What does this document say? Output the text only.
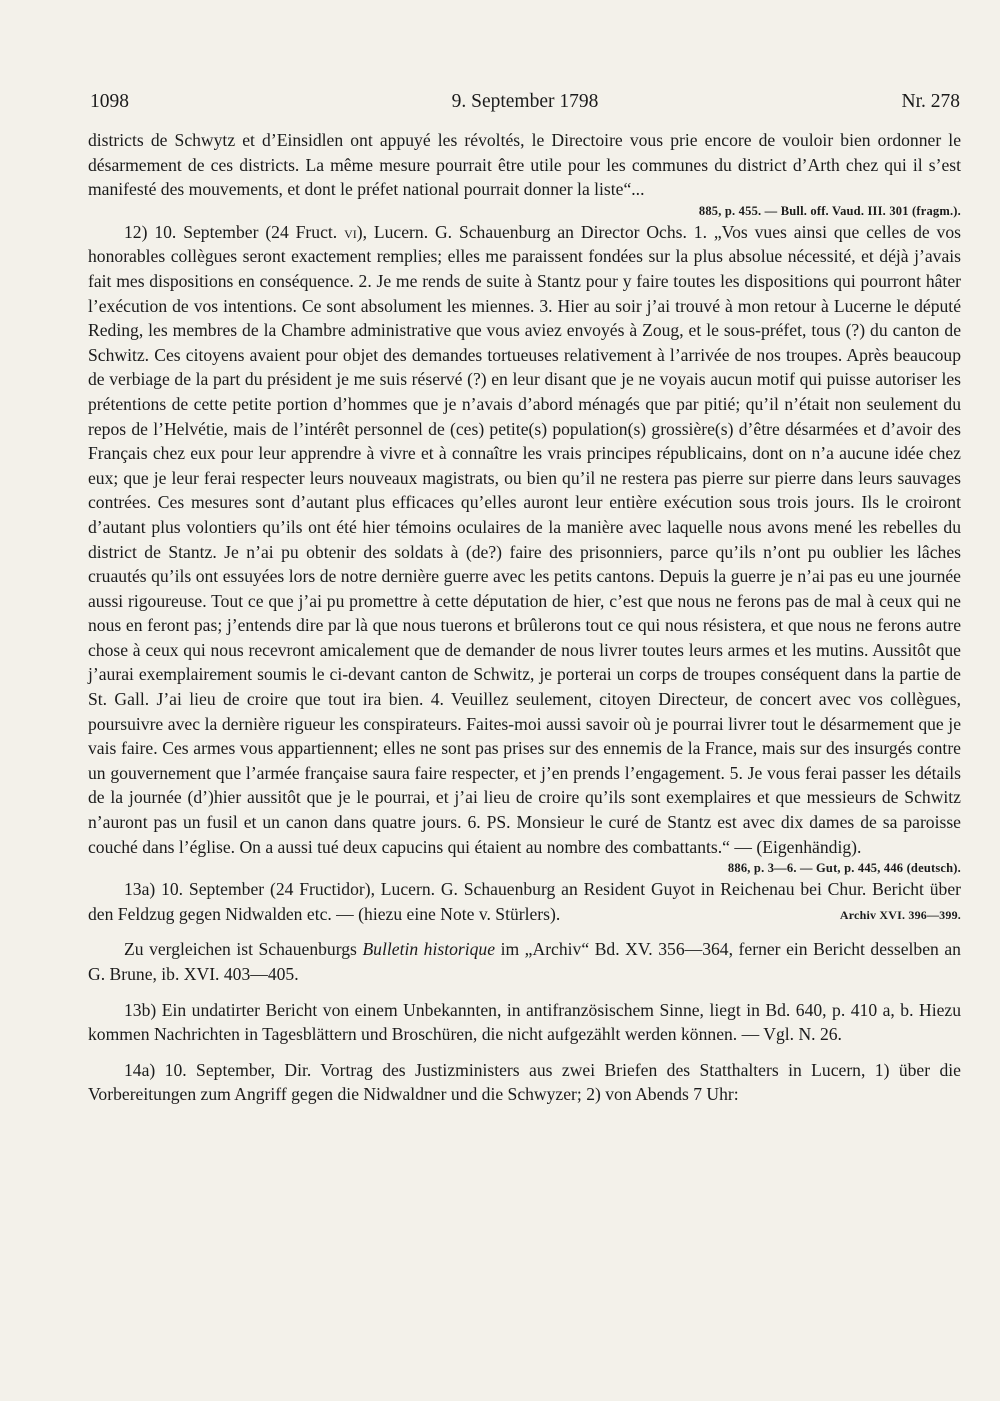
1098	9. September 1798	Nr. 278

districts de Schwytz et d’Einsidlen ont appuyé les révoltés, le Directoire vous prie encore de vouloir bien ordonner le désarmement de ces districts. La même mesure pourrait être utile pour les communes du district d’Arth chez qui il s’est manifesté des mouvements, et dont le préfet national pourrait donner la liste“...

885, p. 455. — Bull. off. Vaud. III. 301 (fragm.).

12) 10. September (24 Fruct. vi), Lucern. G. Schauenburg an Director Ochs. 1. „Vos vues ainsi que celles de vos honorables collègues seront exactement remplies; elles me paraissent fondées sur la plus absolue nécessité, et déjà j’avais fait mes dispositions en conséquence. 2. Je me rends de suite à Stantz pour y faire toutes les dispositions qui pourront hâter l’exécution de vos intentions. Ce sont absolument les miennes. 3. Hier au soir j’ai trouvé à mon retour à Lucerne le député Reding, les membres de la Chambre administrative que vous aviez envoyés à Zoug, et le sous-préfet, tous (?) du canton de Schwitz. Ces citoyens avaient pour objet des demandes tortueuses relativement à l’arrivée de nos troupes. Après beaucoup de verbiage de la part du président je me suis réservé (?) en leur disant que je ne voyais aucun motif qui puisse autoriser les prétentions de cette petite portion d’hommes que je n’avais d’abord ménagés que par pitié; qu’il n’était non seulement du repos de l’Helvétie, mais de l’intérêt personnel de (ces) petite(s) population(s) grossière(s) d’être désarmées et d’avoir des Français chez eux pour leur apprendre à vivre et à connaître les vrais principes républicains, dont on n’a aucune idée chez eux; que je leur ferai respecter leurs nouveaux magistrats, ou bien qu’il ne restera pas pierre sur pierre dans leurs sauvages contrées. Ces mesures sont d’autant plus efficaces qu’elles auront leur entière exécution sous trois jours. Ils le croiront d’autant plus volontiers qu’ils ont été hier témoins oculaires de la manière avec laquelle nous avons mené les rebelles du district de Stantz. Je n’ai pu obtenir des soldats à (de?) faire des prisonniers, parce qu’ils n’ont pu oublier les lâches cruautés qu’ils ont essuyées lors de notre dernière guerre avec les petits cantons. Depuis la guerre je n’ai pas eu une journée aussi rigoureuse. Tout ce que j’ai pu promettre à cette députation de hier, c’est que nous ne ferons pas de mal à ceux qui ne nous en feront pas; j’entends dire par là que nous tuerons et brûlerons tout ce qui nous résistera, et que nous ne ferons autre chose à ceux qui nous recevront amicalement que de demander de nous livrer toutes leurs armes et les mutins. Aussitôt que j’aurai exemplairement soumis le ci-devant canton de Schwitz, je porterai un corps de troupes conséquent dans la partie de St. Gall. J’ai lieu de croire que tout ira bien. 4. Veuillez seulement, citoyen Directeur, de concert avec vos collègues, poursuivre avec la dernière rigueur les conspirateurs. Faites-moi aussi savoir où je pourrai livrer tout le désarmement que je vais faire. Ces armes vous appartiennent; elles ne sont pas prises sur des ennemis de la France, mais sur des insurgés contre un gouvernement que l’armée française saura faire respecter, et j’en prends l’engagement. 5. Je vous ferai passer les détails de la journée (d’)hier aussitôt que je le pourrai, et j’ai lieu de croire qu’ils sont exemplaires et que messieurs de Schwitz n’auront pas un fusil et un canon dans quatre jours. 6. PS. Monsieur le curé de Stantz est avec dix dames de sa paroisse couché dans l’église. On a aussi tué deux capucins qui étaient au nombre des combattants.“ — (Eigenhändig).

886, p. 3—6. — Gut, p. 445, 446 (deutsch).

13a) 10. September (24 Fructidor), Lucern. G. Schauenburg an Resident Guyot in Reichenau bei Chur. Bericht über den Feldzug gegen Nidwalden etc. — (hiezu eine Note v. Stürlers).	Archiv XVI. 396—399.

Zu vergleichen ist Schauenburgs Bulletin historique im „Archiv“ Bd. XV. 356—364, ferner ein Bericht desselben an G. Brune, ib. XVI. 403—405.

13b) Ein undatirter Bericht von einem Unbekannten, in antifranzösischem Sinne, liegt in Bd. 640, p. 410 a, b. Hiezu kommen Nachrichten in Tagesblättern und Broschüren, die nicht aufgezählt werden können. — Vgl. N. 26.

14a) 10. September, Dir. Vortrag des Justizministers aus zwei Briefen des Statthalters in Lucern, 1) über die Vorbereitungen zum Angriff gegen die Nidwaldner und die Schwyzer; 2) von Abends 7 Uhr:
